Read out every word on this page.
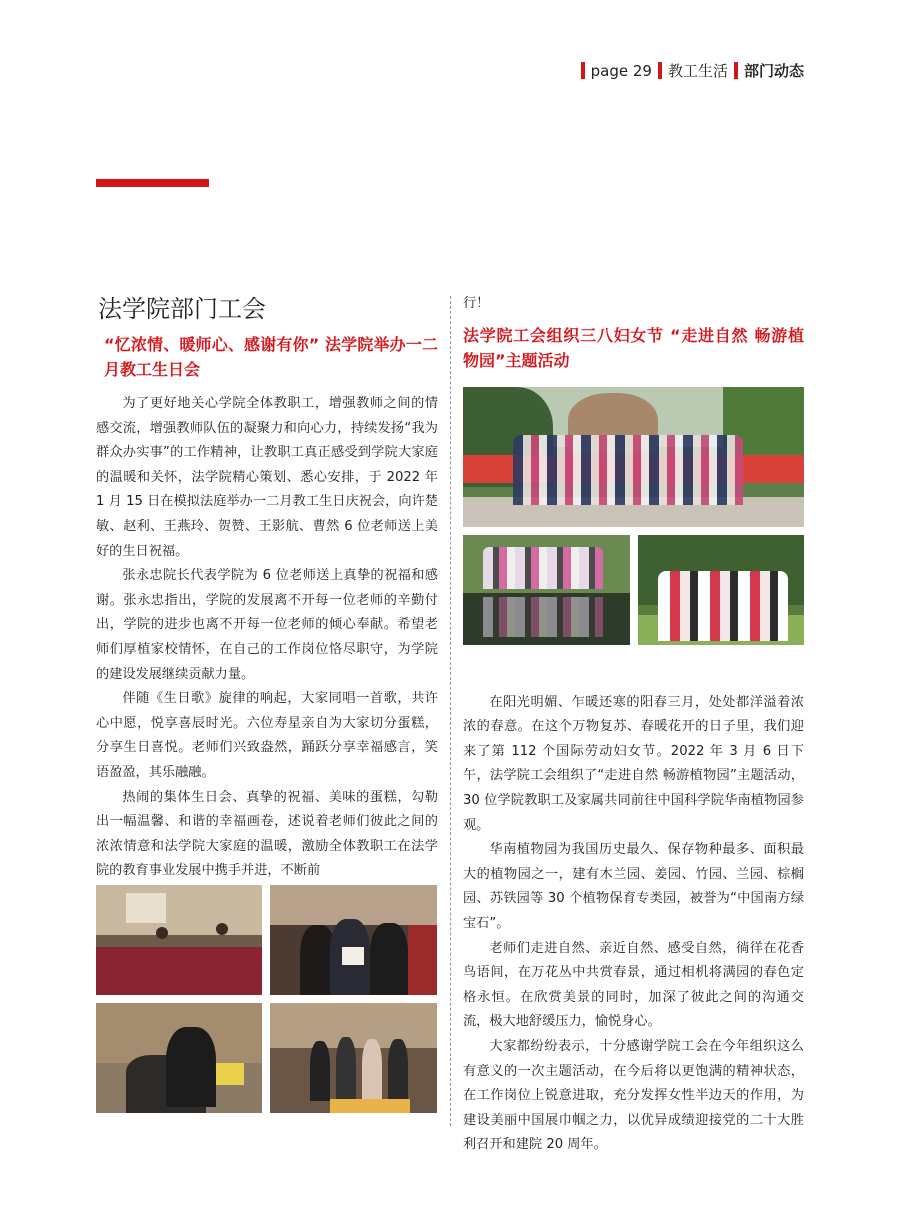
page 29 教工生活 部门动态
法学院部门工会
“忆浓情、暖师心、感谢有你” 法学院举办一二月教工生日会

为了更好地关心学院全体教职工，增强教师之间的情感交流，增强教师队伍的凝聚力和向心力，持续发扬“我为群众办实事”的工作精神，让教职工真正感受到学院大家庭的温暖和关怀，法学院精心策划、悉心安排，于 2022 年 1 月 15 日在模拟法庭举办一二月教工生日庆祝会，向许楚敏、赵利、王燕玲、贺赞、王影航、曹然 6 位老师送上美好的生日祝福。

张永忠院长代表学院为 6 位老师送上真挚的祝福和感谢。张永忠指出，学院的发展离不开每一位老师的辛勤付出，学院的进步也离不开每一位老师的倾心奉献。希望老师们厚植家校情怀，在自己的工作岗位恪尽职守，为学院的建设发展继续贡献力量。

伴随《生日歌》旋律的响起，大家同唱一首歌，共许心中愿，悦享喜辰时光。六位寿星亲自为大家切分蛋糕，分享生日喜悦。老师们兴致盎然，踊跃分享幸福感言，笑语盈盈，其乐融融。

热闹的集体生日会、真挚的祝福、美味的蛋糕，勾勒出一幅温馨、和谐的幸福画卷，述说着老师们彼此之间的浓浓情意和法学院大家庭的温暖，激励全体教职工在法学院的教育事业发展中携手并进，不断前

行！

法学院工会组织三八妇女节 “走进自然 畅游植物园”主题活动

在阳光明媚、乍暖还寒的阳春三月，处处都洋溢着浓浓的春意。在这个万物复苏、春暖花开的日子里，我们迎来了第 112 个国际劳动妇女节。2022 年 3 月 6 日下午，法学院工会组织了“走进自然 畅游植物园”主题活动，30 位学院教职工及家属共同前往中国科学院华南植物园参观。

华南植物园为我国历史最久、保存物种最多、面积最大的植物园之一，建有木兰园、姜园、竹园、兰园、棕榈园、苏铁园等 30 个植物保育专类园，被誉为“中国南方绿宝石”。

老师们走进自然、亲近自然、感受自然，徜徉在花香鸟语间，在万花丛中共赏春景，通过相机将满园的春色定格永恒。在欣赏美景的同时，加深了彼此之间的沟通交流，极大地舒缓压力，愉悦身心。

大家都纷纷表示，十分感谢学院工会在今年组织这么有意义的一次主题活动，在今后将以更饱满的精神状态，在工作岗位上锐意进取，充分发挥女性半边天的作用，为建设美丽中国展巾帼之力，以优异成绩迎接党的二十大胜利召开和建院 20 周年。
